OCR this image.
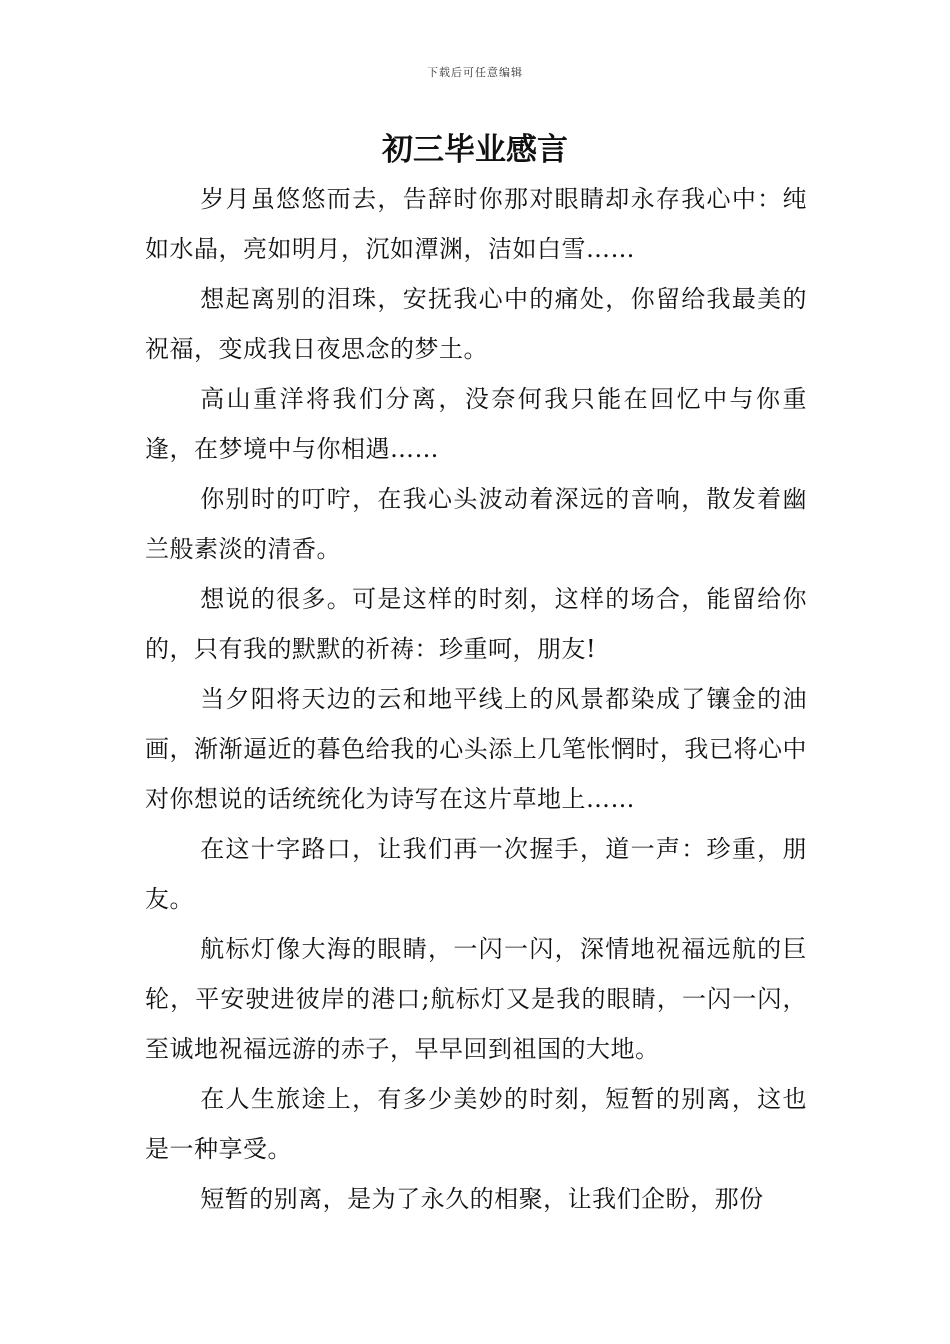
下载后可任意编辑
初三毕业感言

岁月虽悠悠而去，告辞时你那对眼睛却永存我心中：纯如水晶，亮如明月，沉如潭渊，洁如白雪……

想起离别的泪珠，安抚我心中的痛处，你留给我最美的祝福，变成我日夜思念的梦土。

高山重洋将我们分离，没奈何我只能在回忆中与你重逢，在梦境中与你相遇……

你别时的叮咛，在我心头波动着深远的音响，散发着幽兰般素淡的清香。

想说的很多。可是这样的时刻，这样的场合，能留给你的，只有我的默默的祈祷：珍重呵，朋友!

当夕阳将天边的云和地平线上的风景都染成了镶金的油画，渐渐逼近的暮色给我的心头添上几笔怅惘时，我已将心中对你想说的话统统化为诗写在这片草地上……

在这十字路口，让我们再一次握手，道一声：珍重，朋友。

航标灯像大海的眼睛，一闪一闪，深情地祝福远航的巨轮，平安驶进彼岸的港口;航标灯又是我的眼睛，一闪一闪，至诚地祝福远游的赤子，早早回到祖国的大地。

在人生旅途上，有多少美妙的时刻，短暂的别离，这也是一种享受。

短暂的别离，是为了永久的相聚，让我们企盼，那份
